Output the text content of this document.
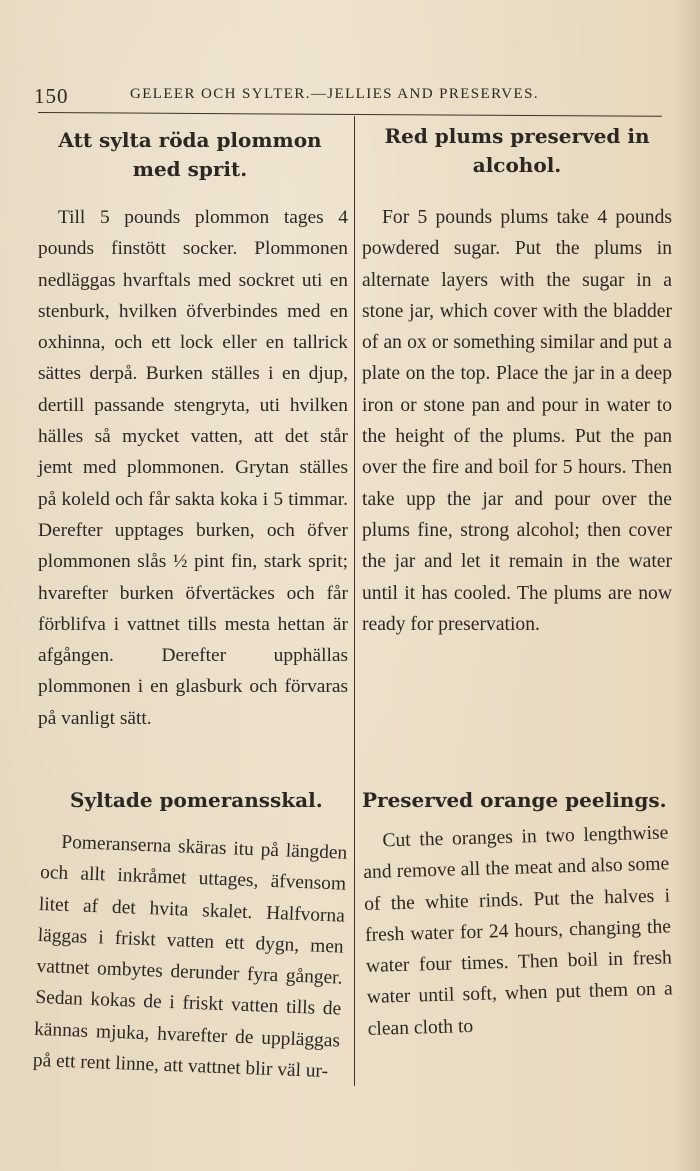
150	GELEER OCH SYLTER.—JELLIES AND PRESERVES.
Att sylta röda plommon med sprit.

Till 5 pounds plommon tages 4 pounds finstött socker. Plommonen nedläggas hvarftals med sockret uti en stenburk, hvilken öfverbindes med en oxhinna, och ett lock eller en tallrick sättes derpå. Burken ställes i en djup, dertill passande stengryta, uti hvilken hälles så mycket vatten, att det står jemt med plommonen. Grytan ställes på koleld och får sakta koka i 5 timmar. Derefter upptages burken, och öfver plommonen slås ½ pint fin, stark sprit; hvarefter burken öfvertäckes och får förblifva i vattnet tills mesta hettan är afgången. Derefter upphällas plommonen i en glasburk och förvaras på vanligt sätt.

Red plums preserved in alcohol.

For 5 pounds plums take 4 pounds powdered sugar. Put the plums in alternate layers with the sugar in a stone jar, which cover with the bladder of an ox or something similar and put a plate on the top. Place the jar in a deep iron or stone pan and pour in water to the height of the plums. Put the pan over the fire and boil for 5 hours. Then take upp the jar and pour over the plums fine, strong alcohol; then cover the jar and let it remain in the water until it has cooled. The plums are now ready for preservation.

Syltade pomeransskal.

Pomeranserna skäras itu på längden och allt inkråmet uttages, äfvensom litet af det hvita skalet. Halfvorna läggas i friskt vatten ett dygn, men vattnet ombytes derunder fyra gånger. Sedan kokas de i friskt vatten tills de kännas mjuka, hvarefter de uppläggas på ett rent linne, att vattnet blir väl ur-

Preserved orange peelings.

Cut the oranges in two lengthwise and remove all the meat and also some of the white rinds. Put the halves i fresh water for 24 hours, changing the water four times. Then boil in fresh water until soft, when put them on a clean cloth to
